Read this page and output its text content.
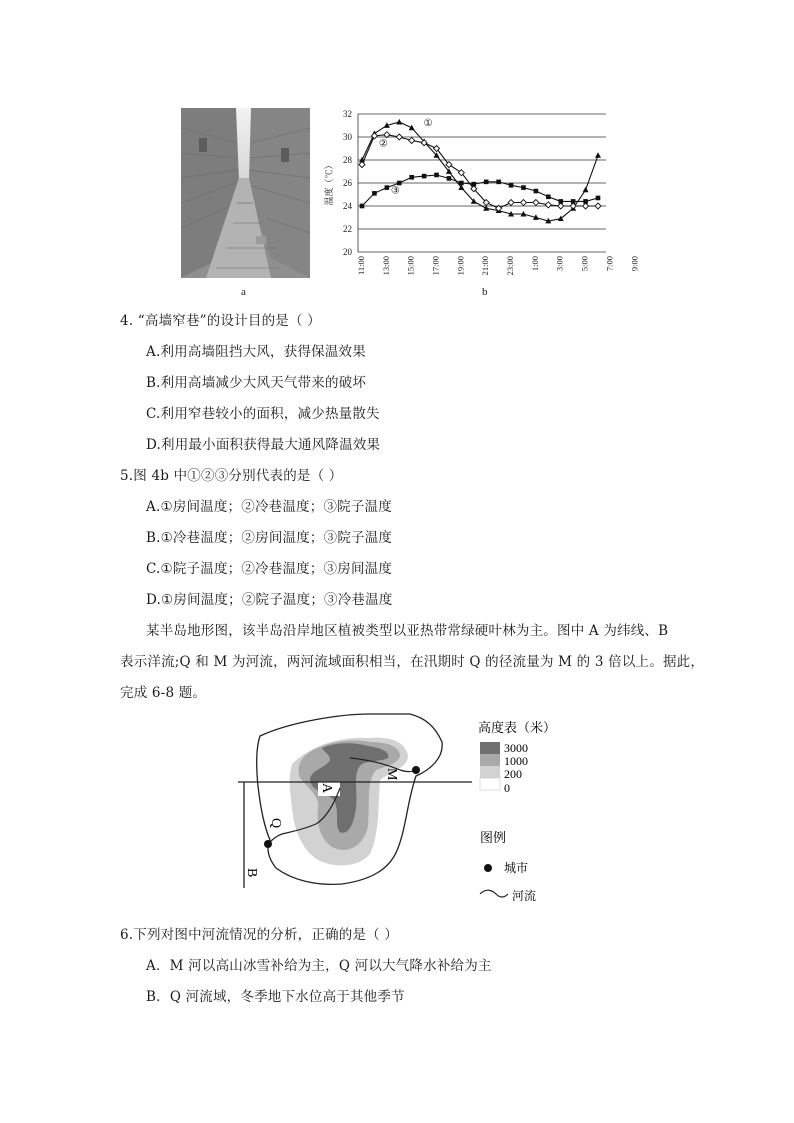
a
20
22
24
26
28
30
32
温度（℃）
11:00 13:00 15:00 17:00 19:00 21:00 23:00 1:00 3:00 5:00 7:00 9:00
①
②
③
b
4. “高墙窄巷”的设计目的是（ ）
A.利用高墙阻挡大风，获得保温效果
B.利用高墙减少大风天气带来的破坏
C.利用窄巷较小的面积，减少热量散失
D.利用最小面积获得最大通风降温效果
5.图 4b 中①②③分别代表的是（ ）
A.①房间温度；②冷巷温度；③院子温度
B.①冷巷温度；②房间温度；③院子温度
C.①院子温度；②冷巷温度；③房间温度
D.①房间温度；②院子温度；③冷巷温度
某半岛地形图，该半岛沿岸地区植被类型以亚热带常绿硬叶林为主。图中 A 为纬线、B
表示洋流;Q 和 M 为河流，两河流域面积相当，在汛期时 Q 的径流量为 M 的 3 倍以上。据此，
完成 6-8 题。
A
B
Q
M
高度表（米）
3000
1000
200
0
图例
城市
河流
6.下列对图中河流情况的分析，正确的是（ ）
A．M 河以高山冰雪补给为主，Q 河以大气降水补给为主
B．Q 河流域，冬季地下水位高于其他季节
